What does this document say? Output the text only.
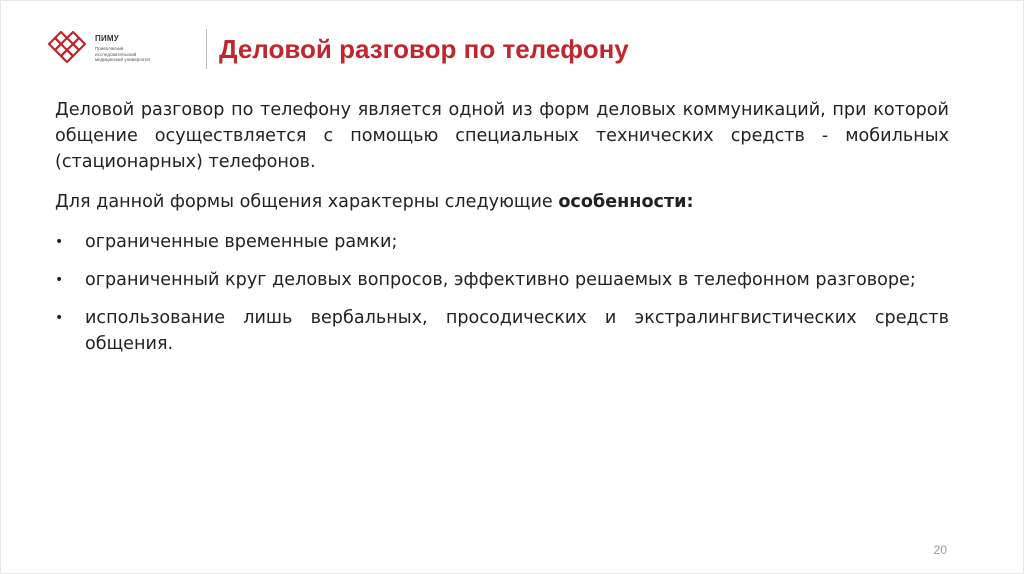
ПИМУ
Приволжский
исследовательский
медицинский университет	Деловой разговор по телефону

Деловой разговор по телефону является одной из форм деловых коммуникаций, при которой общение осуществляется с помощью специальных технических средств - мобильных (стационарных) телефонов.

Для данной формы общения характерны следующие особенности:

•	ограниченные временные рамки;
•	ограниченный круг деловых вопросов, эффективно решаемых в телефонном разговоре;
•	использование лишь вербальных, просодических и экстралингвистических средств общения.
20
